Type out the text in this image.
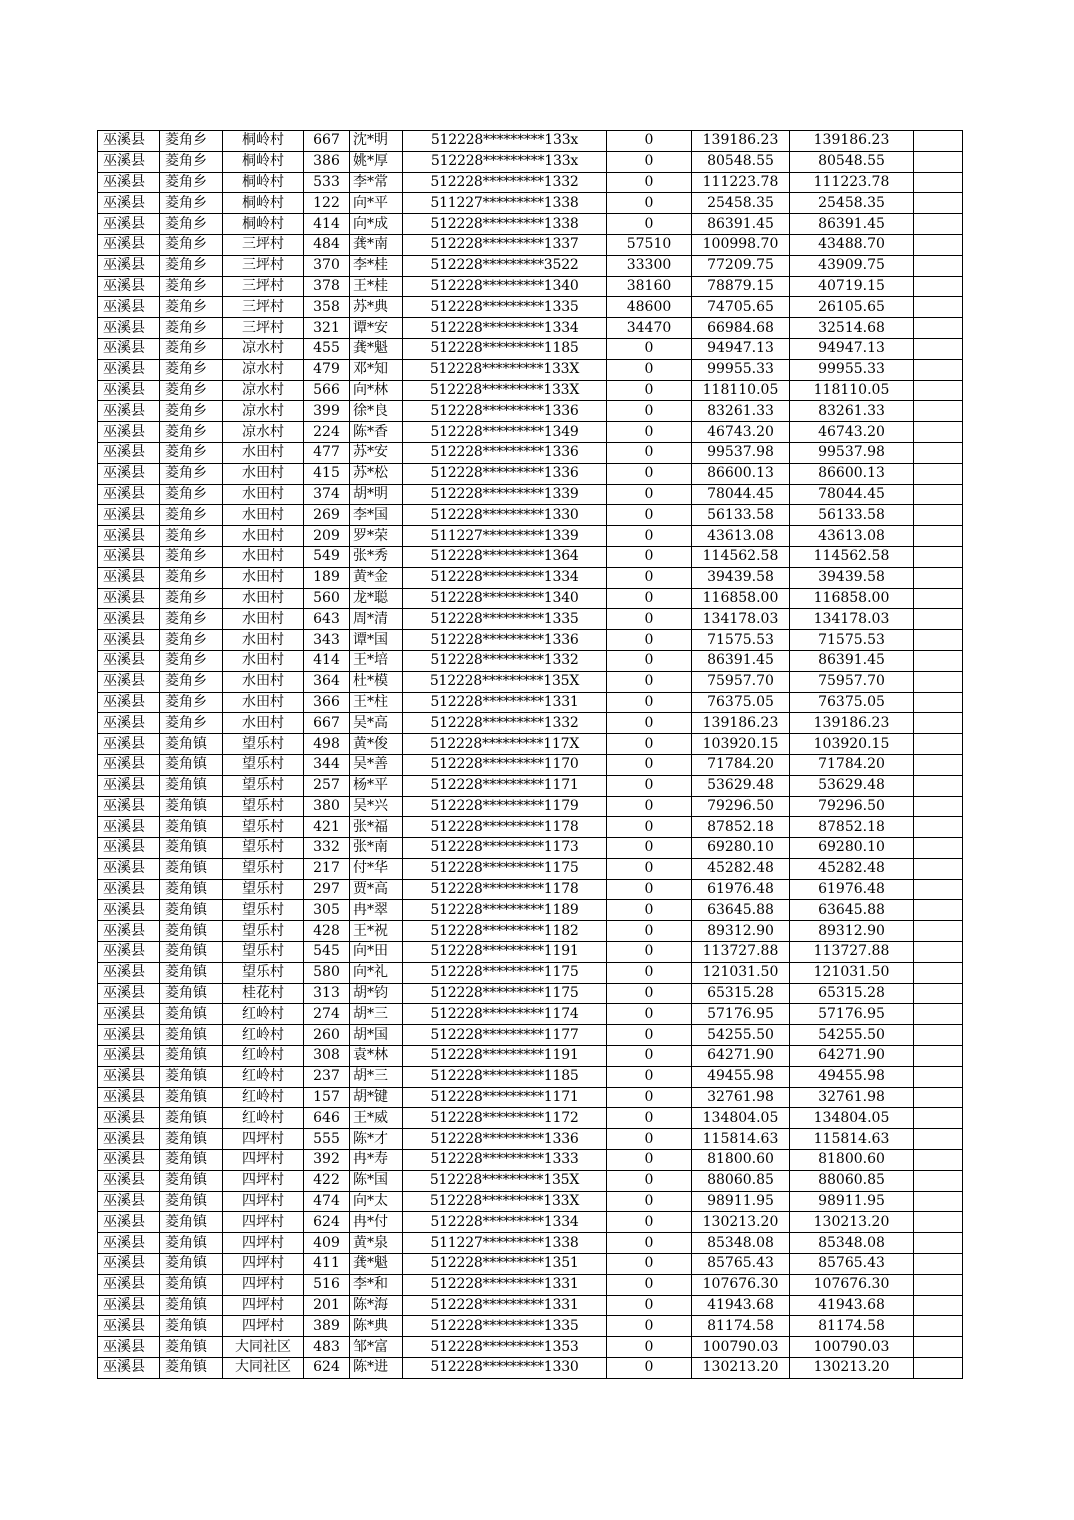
巫溪县	菱角乡	桐岭村	667	沈*明	512228*********133x	0	139186.23	139186.23	
巫溪县	菱角乡	桐岭村	386	姚*厚	512228*********133x	0	80548.55	80548.55	
巫溪县	菱角乡	桐岭村	533	李*常	512228*********1332	0	111223.78	111223.78	
巫溪县	菱角乡	桐岭村	122	向*平	511227*********1338	0	25458.35	25458.35	
巫溪县	菱角乡	桐岭村	414	向*成	512228*********1338	0	86391.45	86391.45	
巫溪县	菱角乡	三坪村	484	龚*南	512228*********1337	57510	100998.70	43488.70	
巫溪县	菱角乡	三坪村	370	李*桂	512228*********3522	33300	77209.75	43909.75	
巫溪县	菱角乡	三坪村	378	王*桂	512228*********1340	38160	78879.15	40719.15	
巫溪县	菱角乡	三坪村	358	苏*典	512228*********1335	48600	74705.65	26105.65	
巫溪县	菱角乡	三坪村	321	谭*安	512228*********1334	34470	66984.68	32514.68	
巫溪县	菱角乡	凉水村	455	龚*魁	512228*********1185	0	94947.13	94947.13	
巫溪县	菱角乡	凉水村	479	邓*知	512228*********133X	0	99955.33	99955.33	
巫溪县	菱角乡	凉水村	566	向*林	512228*********133X	0	118110.05	118110.05	
巫溪县	菱角乡	凉水村	399	徐*良	512228*********1336	0	83261.33	83261.33	
巫溪县	菱角乡	凉水村	224	陈*香	512228*********1349	0	46743.20	46743.20	
巫溪县	菱角乡	水田村	477	苏*安	512228*********1336	0	99537.98	99537.98	
巫溪县	菱角乡	水田村	415	苏*松	512228*********1336	0	86600.13	86600.13	
巫溪县	菱角乡	水田村	374	胡*明	512228*********1339	0	78044.45	78044.45	
巫溪县	菱角乡	水田村	269	李*国	512228*********1330	0	56133.58	56133.58	
巫溪县	菱角乡	水田村	209	罗*荣	511227*********1339	0	43613.08	43613.08	
巫溪县	菱角乡	水田村	549	张*秀	512228*********1364	0	114562.58	114562.58	
巫溪县	菱角乡	水田村	189	黄*金	512228*********1334	0	39439.58	39439.58	
巫溪县	菱角乡	水田村	560	龙*聪	512228*********1340	0	116858.00	116858.00	
巫溪县	菱角乡	水田村	643	周*清	512228*********1335	0	134178.03	134178.03	
巫溪县	菱角乡	水田村	343	谭*国	512228*********1336	0	71575.53	71575.53	
巫溪县	菱角乡	水田村	414	王*培	512228*********1332	0	86391.45	86391.45	
巫溪县	菱角乡	水田村	364	杜*模	512228*********135X	0	75957.70	75957.70	
巫溪县	菱角乡	水田村	366	王*柱	512228*********1331	0	76375.05	76375.05	
巫溪县	菱角乡	水田村	667	吴*高	512228*********1332	0	139186.23	139186.23	
巫溪县	菱角镇	望乐村	498	黄*俊	512228*********117X	0	103920.15	103920.15	
巫溪县	菱角镇	望乐村	344	吴*善	512228*********1170	0	71784.20	71784.20	
巫溪县	菱角镇	望乐村	257	杨*平	512228*********1171	0	53629.48	53629.48	
巫溪县	菱角镇	望乐村	380	吴*兴	512228*********1179	0	79296.50	79296.50	
巫溪县	菱角镇	望乐村	421	张*福	512228*********1178	0	87852.18	87852.18	
巫溪县	菱角镇	望乐村	332	张*南	512228*********1173	0	69280.10	69280.10	
巫溪县	菱角镇	望乐村	217	付*华	512228*********1175	0	45282.48	45282.48	
巫溪县	菱角镇	望乐村	297	贾*高	512228*********1178	0	61976.48	61976.48	
巫溪县	菱角镇	望乐村	305	冉*翠	512228*********1189	0	63645.88	63645.88	
巫溪县	菱角镇	望乐村	428	王*祝	512228*********1182	0	89312.90	89312.90	
巫溪县	菱角镇	望乐村	545	向*田	512228*********1191	0	113727.88	113727.88	
巫溪县	菱角镇	望乐村	580	向*礼	512228*********1175	0	121031.50	121031.50	
巫溪县	菱角镇	桂花村	313	胡*钧	512228*********1175	0	65315.28	65315.28	
巫溪县	菱角镇	红岭村	274	胡*三	512228*********1174	0	57176.95	57176.95	
巫溪县	菱角镇	红岭村	260	胡*国	512228*********1177	0	54255.50	54255.50	
巫溪县	菱角镇	红岭村	308	袁*林	512228*********1191	0	64271.90	64271.90	
巫溪县	菱角镇	红岭村	237	胡*三	512228*********1185	0	49455.98	49455.98	
巫溪县	菱角镇	红岭村	157	胡*键	512228*********1171	0	32761.98	32761.98	
巫溪县	菱角镇	红岭村	646	王*威	512228*********1172	0	134804.05	134804.05	
巫溪县	菱角镇	四坪村	555	陈*才	512228*********1336	0	115814.63	115814.63	
巫溪县	菱角镇	四坪村	392	冉*寿	512228*********1333	0	81800.60	81800.60	
巫溪县	菱角镇	四坪村	422	陈*国	512228*********135X	0	88060.85	88060.85	
巫溪县	菱角镇	四坪村	474	向*太	512228*********133X	0	98911.95	98911.95	
巫溪县	菱角镇	四坪村	624	冉*付	512228*********1334	0	130213.20	130213.20	
巫溪县	菱角镇	四坪村	409	黄*泉	511227*********1338	0	85348.08	85348.08	
巫溪县	菱角镇	四坪村	411	龚*魁	512228*********1351	0	85765.43	85765.43	
巫溪县	菱角镇	四坪村	516	李*和	512228*********1331	0	107676.30	107676.30	
巫溪县	菱角镇	四坪村	201	陈*海	512228*********1331	0	41943.68	41943.68	
巫溪县	菱角镇	四坪村	389	陈*典	512228*********1335	0	81174.58	81174.58	
巫溪县	菱角镇	大同社区	483	邹*富	512228*********1353	0	100790.03	100790.03	
巫溪县	菱角镇	大同社区	624	陈*进	512228*********1330	0	130213.20	130213.20	
